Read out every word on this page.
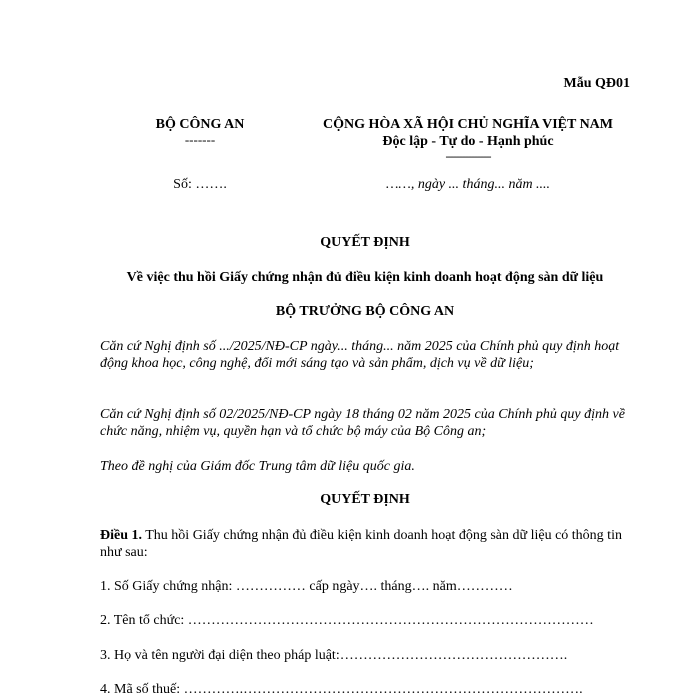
Mẫu QĐ01
BỘ CÔNG AN
-------
CỘNG HÒA XÃ HỘI CHỦ NGHĨA VIỆT NAM
Độc lập - Tự do - Hạnh phúc
---------------
Số: …….	……, ngày ... tháng... năm ....
QUYẾT ĐỊNH
Về việc thu hồi Giấy chứng nhận đủ điều kiện kinh doanh hoạt động sàn dữ liệu
BỘ TRƯỞNG BỘ CÔNG AN
Căn cứ Nghị định số .../2025/NĐ-CP ngày... tháng... năm 2025 của Chính phủ quy định hoạt động khoa học, công nghệ, đổi mới sáng tạo và sản phẩm, dịch vụ về dữ liệu;
Căn cứ Nghị định số 02/2025/NĐ-CP ngày 18 tháng 02 năm 2025 của Chính phủ quy định về chức năng, nhiệm vụ, quyền hạn và tổ chức bộ máy của Bộ Công an;
Theo đề nghị của Giám đốc Trung tâm dữ liệu quốc gia.
QUYẾT ĐỊNH
Điều 1. Thu hồi Giấy chứng nhận đủ điều kiện kinh doanh hoạt động sàn dữ liệu có thông tin như sau:
1. Số Giấy chứng nhận: …………… cấp ngày…. tháng…. năm…………
2. Tên tổ chức: ……………………………………………………………………………
3. Họ và tên người đại diện theo pháp luật:………………………………………….
4. Mã số thuế: ………….……………………………………………………………….
